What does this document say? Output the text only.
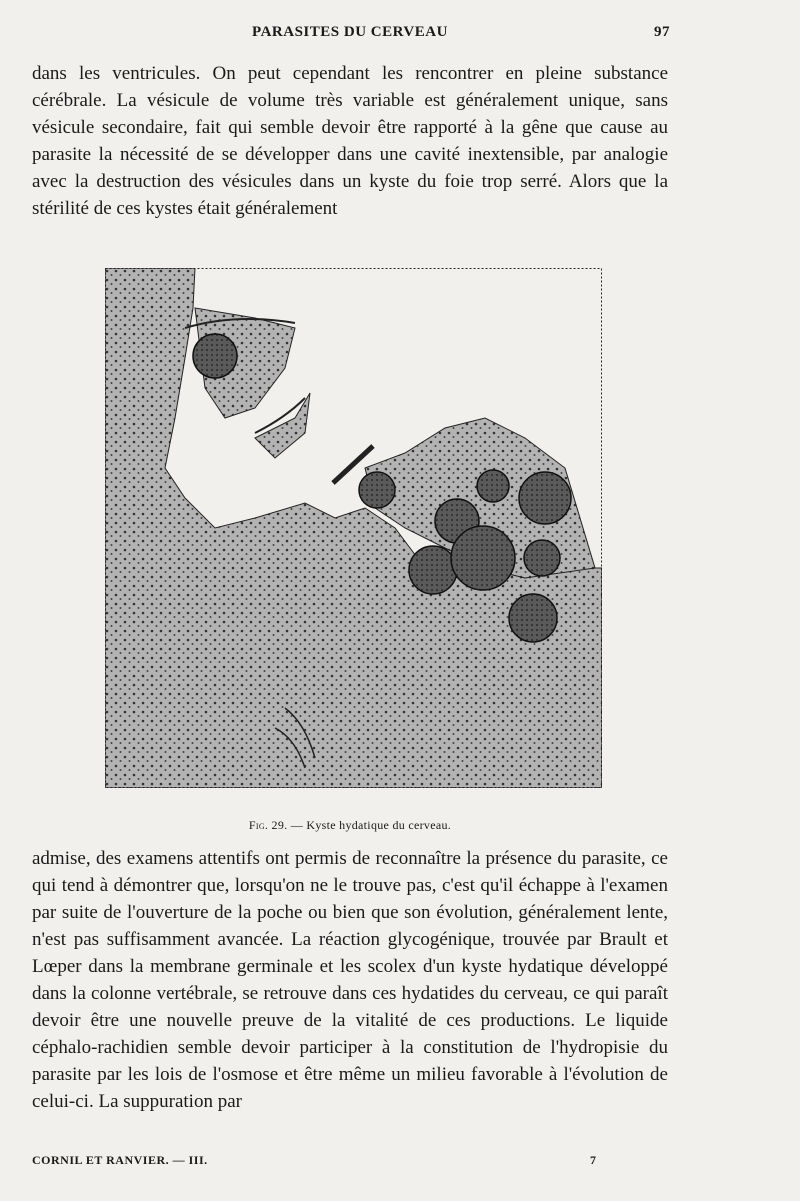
PARASITES DU CERVEAU	97
dans les ventricules. On peut cependant les rencontrer en pleine substance cérébrale. La vésicule de volume très variable est généralement unique, sans vésicule secondaire, fait qui semble devoir être rapporté à la gêne que cause au parasite la nécessité de se développer dans une cavité inextensible, par analogie avec la destruction des vésicules dans un kyste du foie trop serré. Alors que la stérilité de ces kystes était généralement
Fig. 29. — Kyste hydatique du cerveau.
admise, des examens attentifs ont permis de reconnaître la présence du parasite, ce qui tend à démontrer que, lorsqu'on ne le trouve pas, c'est qu'il échappe à l'examen par suite de l'ouverture de la poche ou bien que son évolution, généralement lente, n'est pas suffisamment avancée. La réaction glycogénique, trouvée par Brault et Lœper dans la membrane germinale et les scolex d'un kyste hydatique développé dans la colonne vertébrale, se retrouve dans ces hydatides du cerveau, ce qui paraît devoir être une nouvelle preuve de la vitalité de ces productions. Le liquide céphalo-rachidien semble devoir participer à la constitution de l'hydropisie du parasite par les lois de l'osmose et être même un milieu favorable à l'évolution de celui-ci. La suppuration par
CORNIL ET RANVIER. — III.	7
